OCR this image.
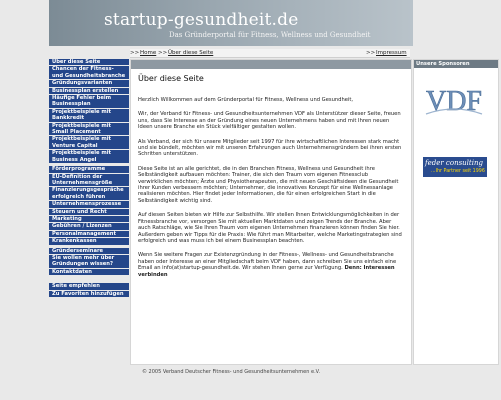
startup-gesundheit.de
Das Gründerportal für Fitness, Wellness und Gesundheit
>> Home >> Über diese Seite	>> Impressum
Über diese Seite
Chancen der Fitness- und Gesundheitsbranche
Gründungsvarianten
Businessplan erstellen
Häufige Fehler beim Businessplan
Projektbeispiele mit Bankkredit
Projektbeispiele mit Small Placement
Projektbeispiele mit Venture Capital
Projektbeispiele mit Business Angel
Förderprogramme
EU-Definition der Unternehmensgröße
Finanzierungsgespräche erfolgreich führen
Unternehmensprozesse
Steuern und Recht
Marketing
Gebühren / Lizenzen
Personalmanagement
Krankenkassen
Gründerseminare
Sie wollen mehr über Gründungen wissen?
Kontaktdaten
Seite empfehlen
Zu Favoriten hinzufügen
Über diese Seite

Herzlich Willkommen auf dem Gründerportal für Fitness, Wellness und Gesundheit,

Wir, der Verband für Fitness- und Gesundheitsunternehmen VDF als Unterstützer dieser Seite, freuen uns, dass Sie Interesse an der Gründung eines neuen Unternehmens haben und mit Ihren neuen Ideen unsere Branche ein Stück vielfältiger gestalten wollen.

Als Verband, der sich für unsere Mitglieder seit 1997 für ihre wirtschaftlichen Interessen stark macht und sie bündelt, möchten wir mit unseren Erfahrungen auch Unternehmensgründern bei ihren ersten Schritten unterstützen.

Diese Seite ist an alle gerichtet, die in den Branchen Fitness, Wellness und Gesundheit ihre Selbständigkeit aufbauen möchten: Trainer, die sich den Traum vom eigenen Fitnessclub verwirklichen möchten; Ärzte und Physiotherapeuten, die mit neuen Geschäftsideen die Gesundheit ihrer Kunden verbessern möchten; Unternehmer, die innovatives Konzept für eine Wellnessanlage realisieren möchten. Hier findet jeder Informationen, die für einen erfolgreichen Start in die Selbständigkeit wichtig sind.

Auf diesen Seiten bieten wir Hilfe zur Selbsthilfe. Wir stellen Ihnen Entwicklungsmöglichkeiten in der Fitnessbranche vor, versorgen Sie mit aktuellen Marktdaten und zeigen Trends der Branche. Aber auch Ratschläge, wie Sie Ihren Traum vom eigenen Unternehmen finanzieren können finden Sie hier. Außerdem geben wir Tipps für die Praxis: Wie führt man Mitarbeiter, welche Marketingstrategien sind erfolgreich und was muss ich bei einem Businessplan beachten.

Wenn Sie weitere Fragen zur Existenzgründung in der Fitness-, Wellness- und Gesundheitsbranche haben oder Interesse an einer Mitgliedschaft beim VDF haben, dann schreiben Sie uns einfach eine Email an info(at)startup-gesundheit.de. Wir stehen Ihnen gerne zur Verfügung. Denn: Interessen verbinden

Unsere Sponsoren
VDF
feder consulting
...Ihr Partner seit 1996
© 2005 Verband Deutscher Fitness- und Gesundheitsunternehmen e.V.
